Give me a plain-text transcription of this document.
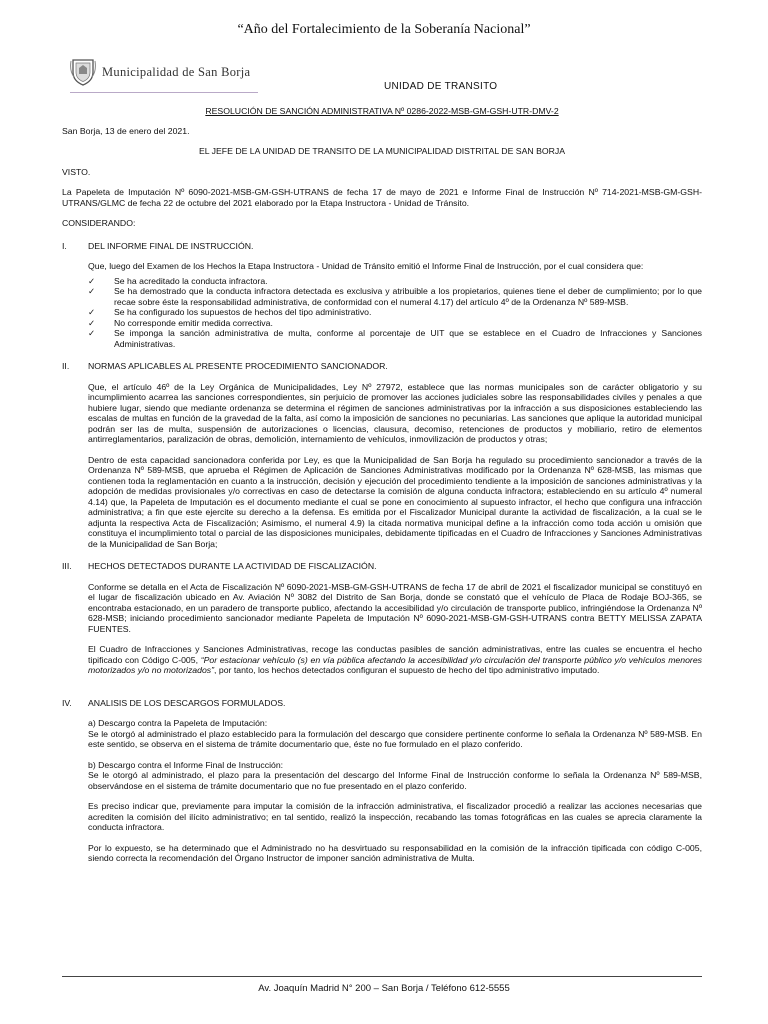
“Año del Fortalecimiento de la Soberanía Nacional”
Municipalidad de San Borja
UNIDAD DE TRANSITO

RESOLUCIÓN DE SANCIÓN ADMINISTRATIVA Nº 0286-2022-MSB-GM-GSH-UTR-DMV-2

San Borja, 13 de enero del 2021.

EL JEFE DE LA UNIDAD DE TRANSITO DE LA MUNICIPALIDAD DISTRITAL DE SAN BORJA

VISTO.

La Papeleta de Imputación Nº 6090-2021-MSB-GM-GSH-UTRANS de fecha 17 de mayo de 2021 e Informe Final de Instrucción Nº 714-2021-MSB-GM-GSH-UTRANS/GLMC de fecha 22 de octubre del 2021 elaborado por la Etapa Instructora - Unidad de Tránsito.

CONSIDERANDO:

I.	DEL INFORME FINAL DE INSTRUCCIÓN.

Que, luego del Examen de los Hechos la Etapa Instructora - Unidad de Tránsito emitió el Informe Final de Instrucción, por el cual considera que:

✓	Se ha acreditado la conducta infractora.
✓	Se ha demostrado que la conducta infractora detectada es exclusiva y atribuible a los propietarios, quienes tiene el deber de cumplimiento; por lo que recae sobre éste la responsabilidad administrativa, de conformidad con el numeral 4.17) del artículo 4º de la Ordenanza Nº 589-MSB.
✓	Se ha configurado los supuestos de hechos del tipo administrativo.
✓	No corresponde emitir medida correctiva.
✓	Se imponga la sanción administrativa de multa, conforme al porcentaje de UIT que se establece en el Cuadro de Infracciones y Sanciones Administrativas.
II.	NORMAS APLICABLES AL PRESENTE PROCEDIMIENTO SANCIONADOR.

Que, el artículo 46º de la Ley Orgánica de Municipalidades, Ley Nº 27972, establece que las normas municipales son de carácter obligatorio y su incumplimiento acarrea las sanciones correspondientes, sin perjuicio de promover las acciones judiciales sobre las responsabilidades civiles y penales a que hubiere lugar, siendo que mediante ordenanza se determina el régimen de sanciones administrativas por la infracción a sus disposiciones estableciendo las escalas de multas en función de la gravedad de la falta, así como la imposición de sanciones no pecuniarias. Las sanciones que aplique la autoridad municipal podrán ser las de multa, suspensión de autorizaciones o licencias, clausura, decomiso, retenciones de productos y mobiliario, retiro de elementos antirreglamentarios, paralización de obras, demolición, internamiento de vehículos, inmovilización de productos y otras;

Dentro de esta capacidad sancionadora conferida por Ley, es que la Municipalidad de San Borja ha regulado su procedimiento sancionador a través de la Ordenanza Nº 589-MSB, que aprueba el Régimen de Aplicación de Sanciones Administrativas modificado por la Ordenanza Nº 628-MSB, las mismas que contienen toda la reglamentación en cuanto a la instrucción, decisión y ejecución del procedimiento tendiente a la imposición de sanciones administrativas y la adopción de medidas provisionales y/o correctivas en caso de detectarse la comisión de alguna conducta infractora; estableciendo en su artículo 4º numeral 4.14) que, la Papeleta de Imputación es el documento mediante el cual se pone en conocimiento al supuesto infractor, el hecho que configura una infracción administrativa; a fin que este ejercite su derecho a la defensa. Es emitida por el Fiscalizador Municipal durante la actividad de fiscalización, a la cual se le adjunta la respectiva Acta de Fiscalización; Asimismo, el numeral 4.9) la citada normativa municipal define a la infracción como toda acción u omisión que constituya el incumplimiento total o parcial de las disposiciones municipales, debidamente tipificadas en el Cuadro de Infracciones y Sanciones Administrativas de la Municipalidad de San Borja;

III.	HECHOS DETECTADOS DURANTE LA ACTIVIDAD DE FISCALIZACIÓN.

Conforme se detalla en el Acta de Fiscalización Nº 6090-2021-MSB-GM-GSH-UTRANS de fecha 17 de abril de 2021 el fiscalizador municipal se constituyó en el lugar de fiscalización ubicado en Av. Aviación Nº 3082 del Distrito de San Borja, donde se constató que el vehículo de Placa de Rodaje BOJ-365, se encontraba estacionado, en un paradero de transporte publico, afectando la accesibilidad y/o circulación de transporte publico, infringiéndose la Ordenanza Nº 628-MSB; iniciando procedimiento sancionador mediante Papeleta de Imputación Nº 6090-2021-MSB-GM-GSH-UTRANS contra BETTY MELISSA ZAPATA FUENTES.

El Cuadro de Infracciones y Sanciones Administrativas, recoge las conductas pasibles de sanción administrativas, entre las cuales se encuentra el hecho tipificado con Código C-005, “Por estacionar vehículo (s) en vía pública afectando la accesibilidad y/o circulación del transporte público y/o vehículos menores motorizados y/o no motorizados”, por tanto, los hechos detectados configuran el supuesto de hecho del tipo administrativo imputado.

IV.	ANALISIS DE LOS DESCARGOS FORMULADOS.

a) Descargo contra la Papeleta de Imputación:

Se le otorgó al administrado el plazo establecido para la formulación del descargo que considere pertinente conforme lo señala la Ordenanza Nº 589-MSB. En este sentido, se observa en el sistema de trámite documentario que, éste no fue formulado en el plazo conferido.

b) Descargo contra el Informe Final de Instrucción:

Se le otorgó al administrado, el plazo para la presentación del descargo del Informe Final de Instrucción conforme lo señala la Ordenanza Nº 589-MSB, observándose en el sistema de trámite documentario que no fue presentado en el plazo conferido.

Es preciso indicar que, previamente para imputar la comisión de la infracción administrativa, el fiscalizador procedió a realizar las acciones necesarias que acrediten la comisión del ilícito administrativo; en tal sentido, realizó la inspección, recabando las tomas fotográficas en las cuales se aprecia claramente la conducta infractora.

Por lo expuesto, se ha determinado que el Administrado no ha desvirtuado su responsabilidad en la comisión de la infracción tipificada con código C-005, siendo correcta la recomendación del Órgano Instructor de imponer sanción administrativa de Multa.

Av. Joaquín Madrid N° 200 – San Borja / Teléfono 612-5555
